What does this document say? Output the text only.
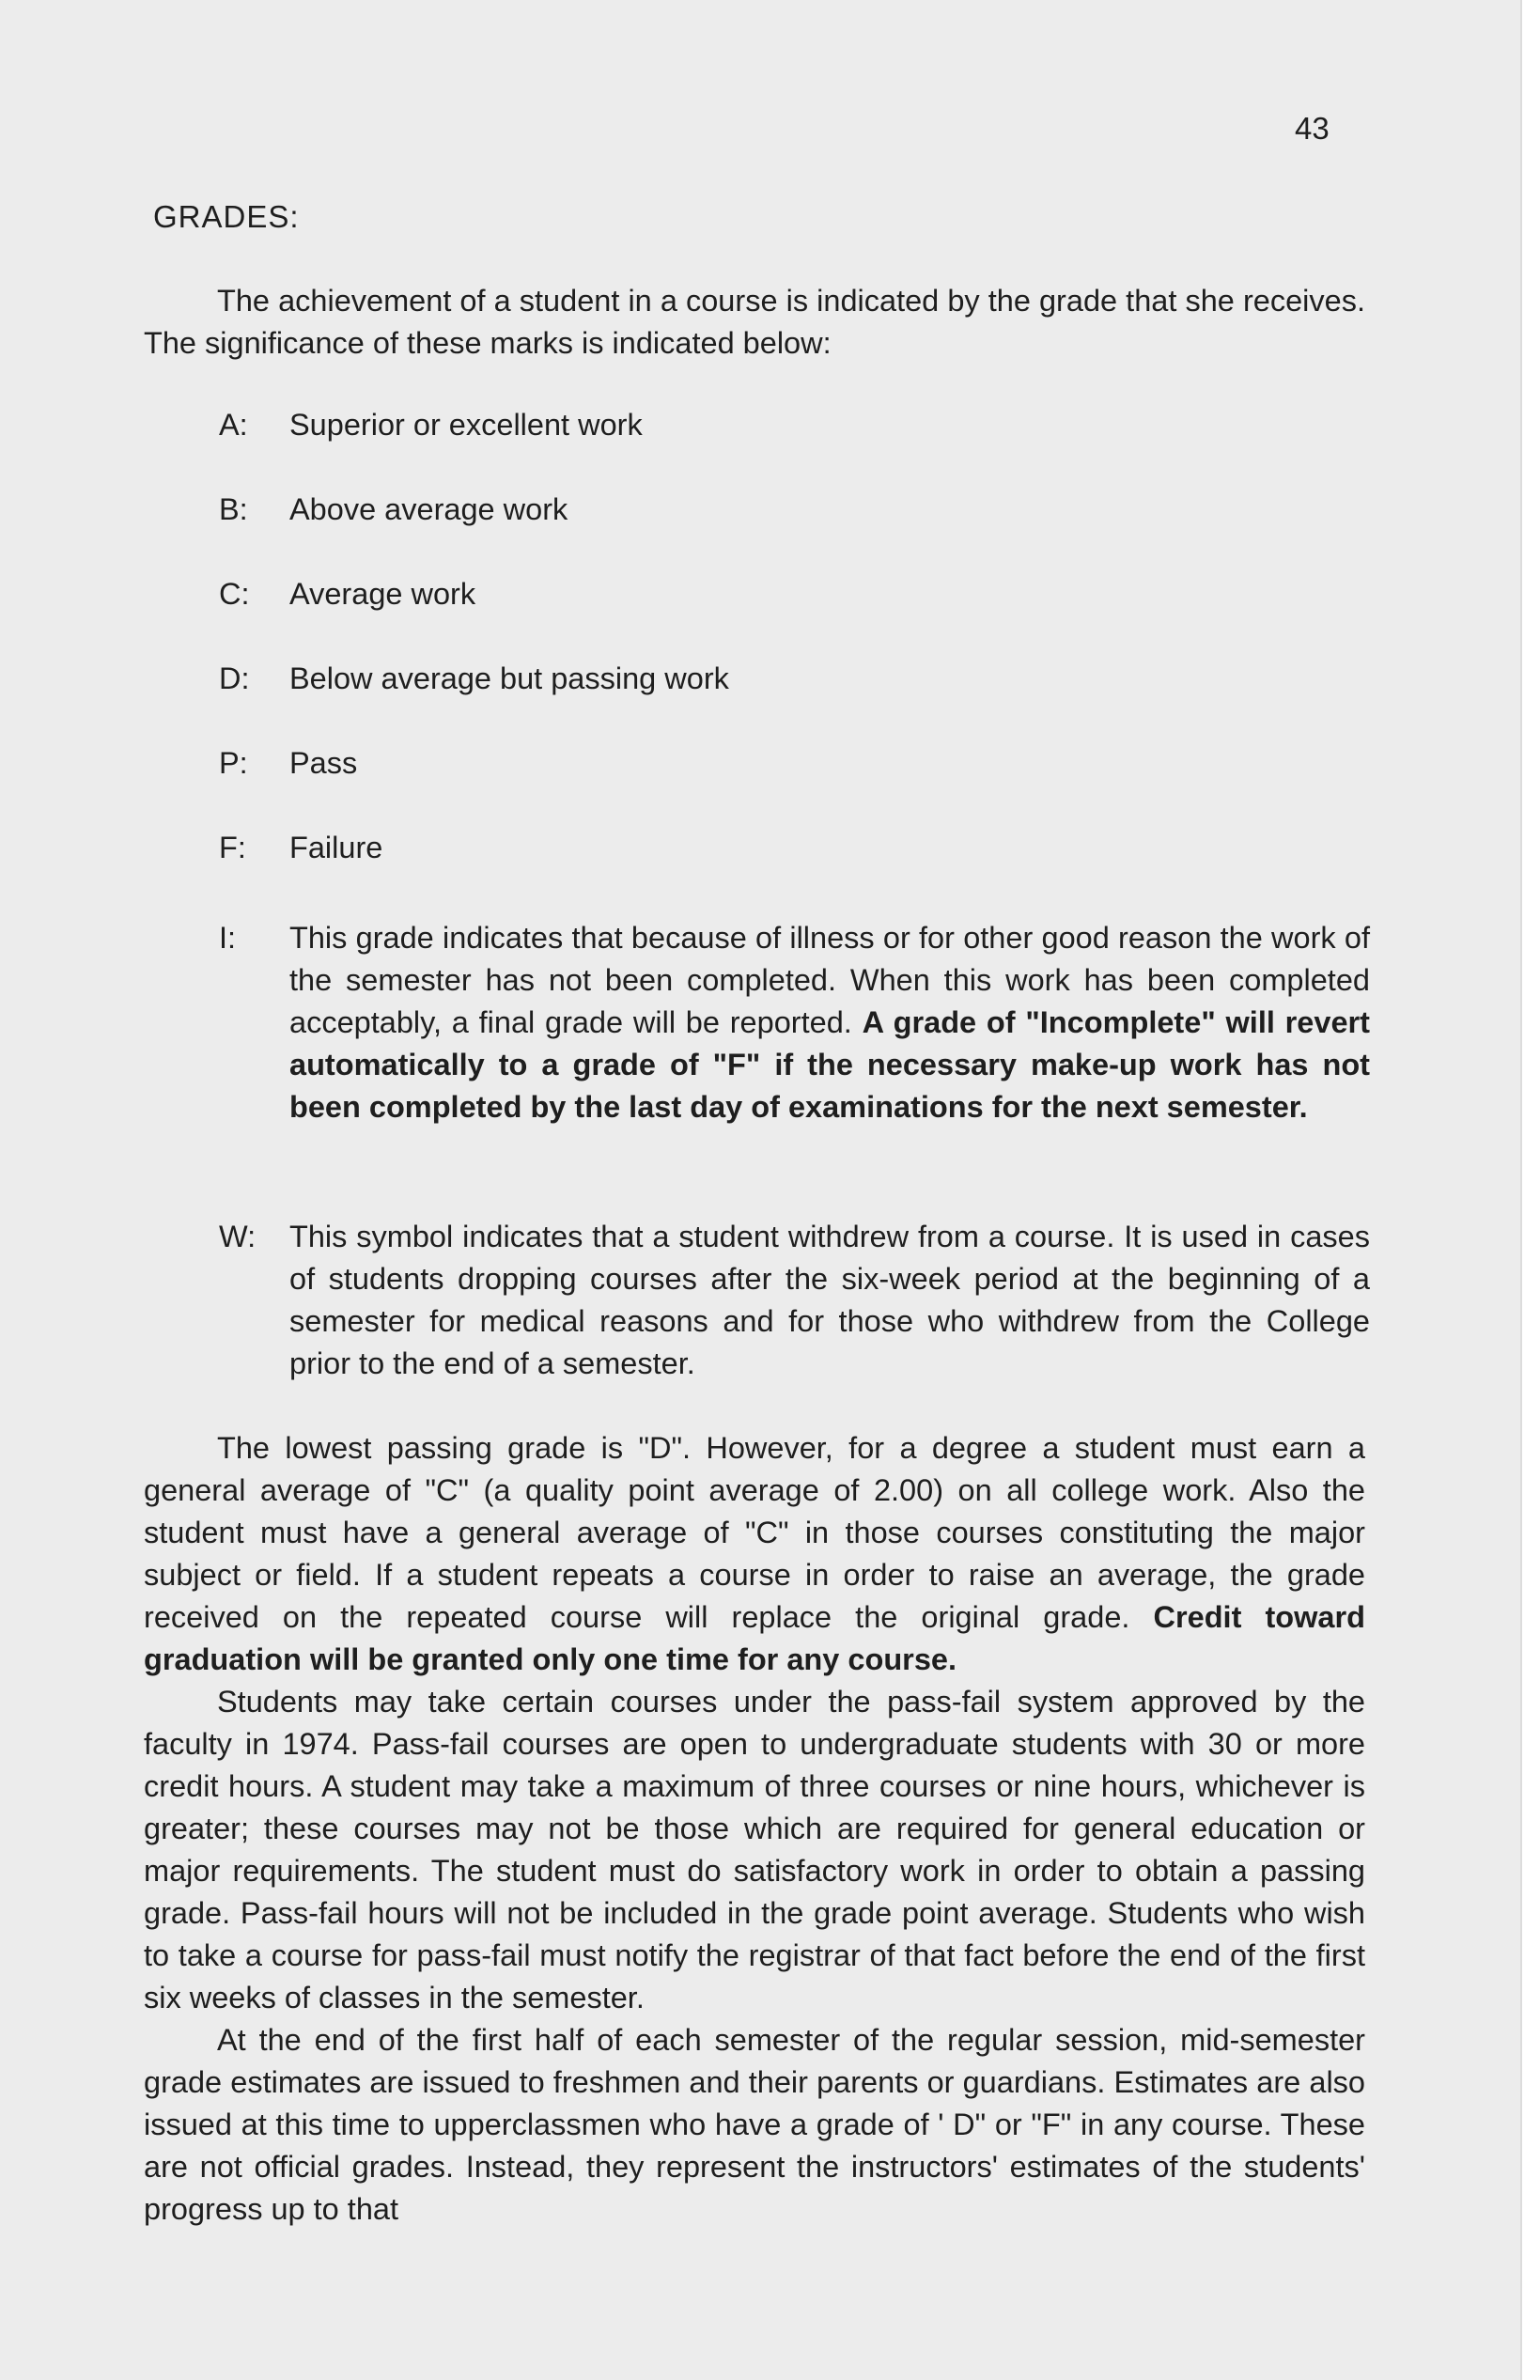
43
GRADES:

The achievement of a student in a course is indicated by the grade that she receives. The significance of these marks is indicated below:

A:	Superior or excellent work
B:	Above average work
C:	Average work
D:	Below average but passing work
P:	Pass
F:	Failure
I:	This grade indicates that because of illness or for other good reason the work of the semester has not been completed. When this work has been completed acceptably, a final grade will be reported. A grade of "Incomplete" will revert automatically to a grade of "F" if the necessary make-up work has not been completed by the last day of examinations for the next semester.
W:	This symbol indicates that a student withdrew from a course. It is used in cases of students dropping courses after the six-week period at the beginning of a semester for medical reasons and for those who withdrew from the College prior to the end of a semester.

The lowest passing grade is "D". However, for a degree a student must earn a general average of "C" (a quality point average of 2.00) on all college work. Also the student must have a general average of "C" in those courses constituting the major subject or field. If a student repeats a course in order to raise an average, the grade received on the repeated course will replace the original grade. Credit toward graduation will be granted only one time for any course.

Students may take certain courses under the pass-fail system approved by the faculty in 1974. Pass-fail courses are open to undergraduate students with 30 or more credit hours. A student may take a maximum of three courses or nine hours, whichever is greater; these courses may not be those which are required for general education or major requirements. The student must do satisfactory work in order to obtain a passing grade. Pass-fail hours will not be included in the grade point average. Students who wish to take a course for pass-fail must notify the registrar of that fact before the end of the first six weeks of classes in the semester.

At the end of the first half of each semester of the regular session, mid-semester grade estimates are issued to freshmen and their parents or guardians. Estimates are also issued at this time to upperclassmen who have a grade of ' D" or "F" in any course. These are not official grades. Instead, they represent the instructors' estimates of the students' progress up to that
